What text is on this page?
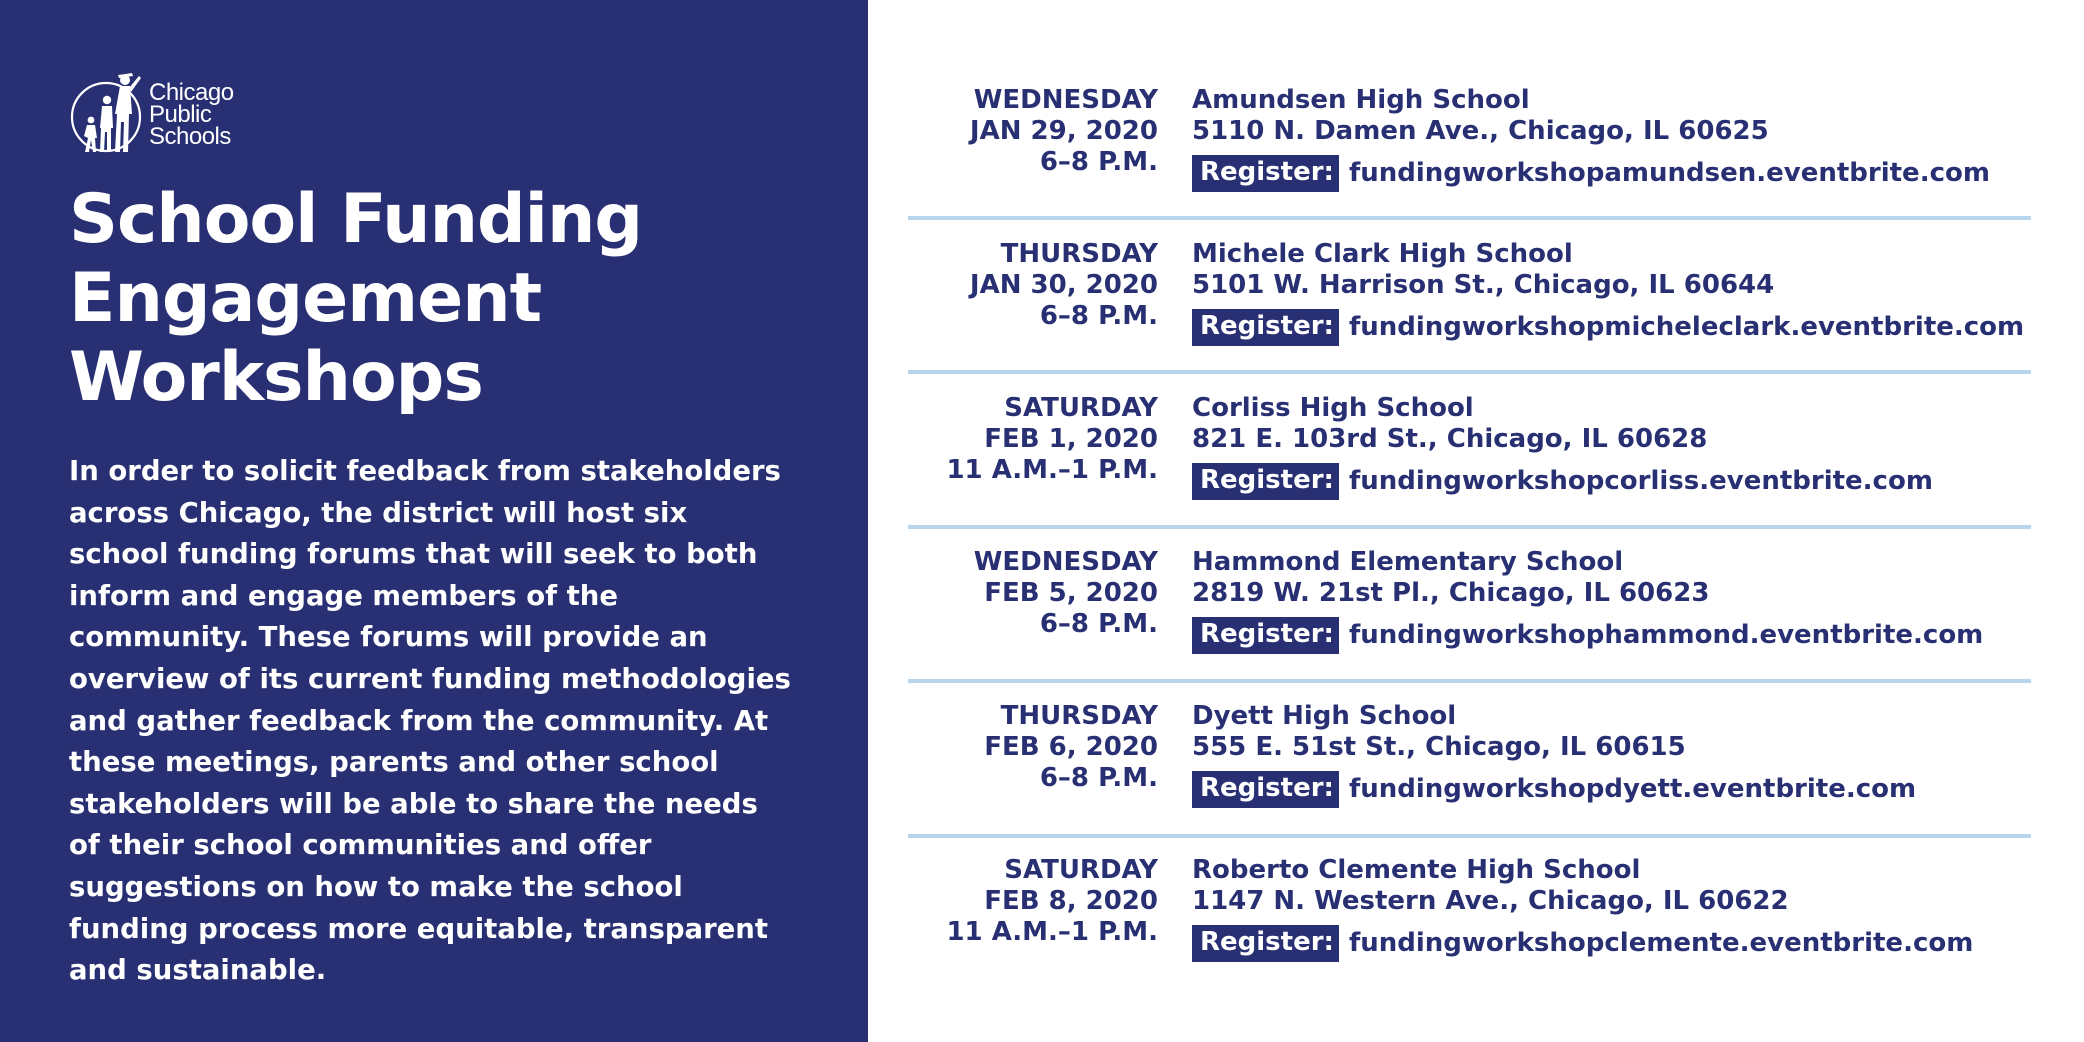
Chicago
Public
Schools
School Funding
Engagement
Workshops
In order to solicit feedback from stakeholders
across Chicago, the district will host six
school funding forums that will seek to both
inform and engage members of the
community. These forums will provide an
overview of its current funding methodologies
and gather feedback from the community. At
these meetings, parents and other school
stakeholders will be able to share the needs
of their school communities and offer
suggestions on how to make the school
funding process more equitable, transparent
and sustainable.
WEDNESDAY
JAN 29, 2020
6–8 P.M.
Amundsen High School
5110 N. Damen Ave., Chicago, IL 60625
Register: fundingworkshopamundsen.eventbrite.com
THURSDAY
JAN 30, 2020
6–8 P.M.
Michele Clark High School
5101 W. Harrison St., Chicago, IL 60644
Register: fundingworkshopmicheleclark.eventbrite.com
SATURDAY
FEB 1, 2020
11 A.M.–1 P.M.
Corliss High School
821 E. 103rd St., Chicago, IL 60628
Register: fundingworkshopcorliss.eventbrite.com
WEDNESDAY
FEB 5, 2020
6–8 P.M.
Hammond Elementary School
2819 W. 21st Pl., Chicago, IL 60623
Register: fundingworkshophammond.eventbrite.com
THURSDAY
FEB 6, 2020
6–8 P.M.
Dyett High School
555 E. 51st St., Chicago, IL 60615
Register: fundingworkshopdyett.eventbrite.com
SATURDAY
FEB 8, 2020
11 A.M.–1 P.M.
Roberto Clemente High School
1147 N. Western Ave., Chicago, IL 60622
Register: fundingworkshopclemente.eventbrite.com
